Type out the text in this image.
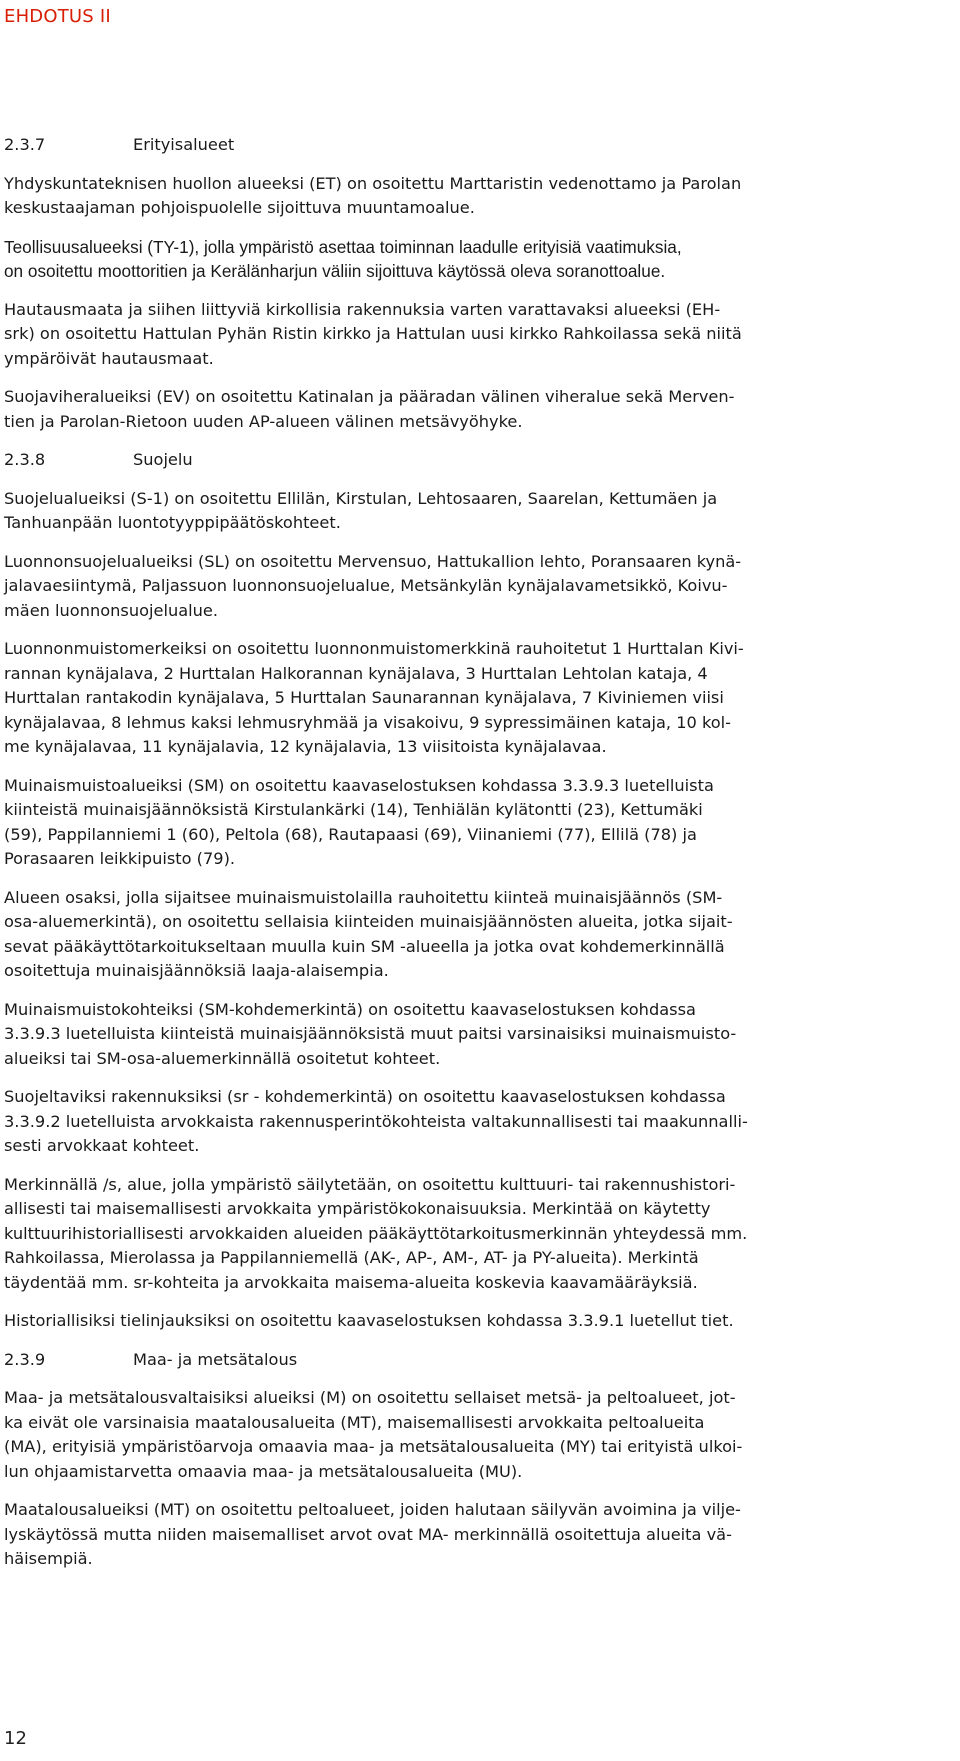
EHDOTUS II
2.3.7	Erityisalueet

Yhdyskuntateknisen huollon alueeksi (ET) on osoitettu Marttaristin vedenottamo ja Parolan
keskustaajaman pohjoispuolelle sijoittuva muuntamoalue.

Teollisuusalueeksi (TY-1), jolla ympäristö asettaa toiminnan laadulle erityisiä vaatimuksia,
on osoitettu moottoritien ja Kerälänharjun väliin sijoittuva käytössä oleva soranottoalue.

Hautausmaata ja siihen liittyviä kirkollisia rakennuksia varten varattavaksi alueeksi (EH-
srk) on osoitettu Hattulan Pyhän Ristin kirkko ja Hattulan uusi kirkko Rahkoilassa sekä niitä
ympäröivät hautausmaat.

Suojaviheralueiksi (EV) on osoitettu Katinalan ja pääradan välinen viheralue sekä Merven-
tien ja Parolan-Rietoon uuden AP-alueen välinen metsävyöhyke.

2.3.8	Suojelu

Suojelualueiksi (S-1) on osoitettu Ellilän, Kirstulan, Lehtosaaren, Saarelan, Kettumäen ja
Tanhuanpään luontotyyppipäätöskohteet.

Luonnonsuojelualueiksi (SL) on osoitettu Mervensuo, Hattukallion lehto, Poransaaren kynä-
jalavaesiintymä, Paljassuon luonnonsuojelualue, Metsänkylän kynäjalavametsikkö, Koivu-
mäen luonnonsuojelualue.

Luonnonmuistomerkeiksi on osoitettu luonnonmuistomerkkinä rauhoitetut 1 Hurttalan Kivi-
rannan kynäjalava, 2 Hurttalan Halkorannan kynäjalava, 3 Hurttalan Lehtolan kataja, 4
Hurttalan rantakodin kynäjalava, 5 Hurttalan Saunarannan kynäjalava, 7 Kiviniemen viisi
kynäjalavaa, 8 lehmus kaksi lehmusryhmää ja visakoivu, 9 sypressimäinen kataja, 10 kol-
me kynäjalavaa, 11 kynäjalavia, 12 kynäjalavia, 13 viisitoista kynäjalavaa.

Muinaismuistoalueiksi (SM) on osoitettu kaavaselostuksen kohdassa 3.3.9.3 luetelluista
kiinteistä muinaisjäännöksistä Kirstulankärki (14), Tenhiälän kylätontti (23), Kettumäki
(59), Pappilanniemi 1 (60), Peltola (68), Rautapaasi (69), Viinaniemi (77), Ellilä (78) ja
Porasaaren leikkipuisto (79).

Alueen osaksi, jolla sijaitsee muinaismuistolailla rauhoitettu kiinteä muinaisjäännös (SM-
osa-aluemerkintä), on osoitettu sellaisia kiinteiden muinaisjäännösten alueita, jotka sijait-
sevat pääkäyttötarkoitukseltaan muulla kuin SM -alueella ja jotka ovat kohdemerkinnällä
osoitettuja muinaisjäännöksiä laaja-alaisempia.

Muinaismuistokohteiksi (SM-kohdemerkintä) on osoitettu kaavaselostuksen kohdassa
3.3.9.3 luetelluista kiinteistä muinaisjäännöksistä muut paitsi varsinaisiksi muinaismuisto-
alueiksi tai SM-osa-aluemerkinnällä osoitetut kohteet.

Suojeltaviksi rakennuksiksi (sr - kohdemerkintä) on osoitettu kaavaselostuksen kohdassa
3.3.9.2 luetelluista arvokkaista rakennusperintökohteista valtakunnallisesti tai maakunnalli-
sesti arvokkaat kohteet.

Merkinnällä /s, alue, jolla ympäristö säilytetään, on osoitettu kulttuuri- tai rakennushistori-
allisesti tai maisemallisesti arvokkaita ympäristökokonaisuuksia. Merkintää on käytetty
kulttuurihistoriallisesti arvokkaiden alueiden pääkäyttötarkoitusmerkinnän yhteydessä mm.
Rahkoilassa, Mierolassa ja Pappilanniemellä (AK-, AP-, AM-, AT- ja PY-alueita). Merkintä
täydentää mm. sr-kohteita ja arvokkaita maisema-alueita koskevia kaavamääräyksiä.

Historiallisiksi tielinjauksiksi on osoitettu kaavaselostuksen kohdassa 3.3.9.1 luetellut tiet.

2.3.9	Maa- ja metsätalous

Maa- ja metsätalousvaltaisiksi alueiksi (M) on osoitettu sellaiset metsä- ja peltoalueet, jot-
ka eivät ole varsinaisia maatalousalueita (MT), maisemallisesti arvokkaita peltoalueita
(MA), erityisiä ympäristöarvoja omaavia maa- ja metsätalousalueita (MY) tai erityistä ulkoi-
lun ohjaamistarvetta omaavia maa- ja metsätalousalueita (MU).

Maatalousalueiksi (MT) on osoitettu peltoalueet, joiden halutaan säilyvän avoimina ja vilje-
lyskäytössä mutta niiden maisemalliset arvot ovat MA- merkinnällä osoitettuja alueita vä-
häisempiä.

12
